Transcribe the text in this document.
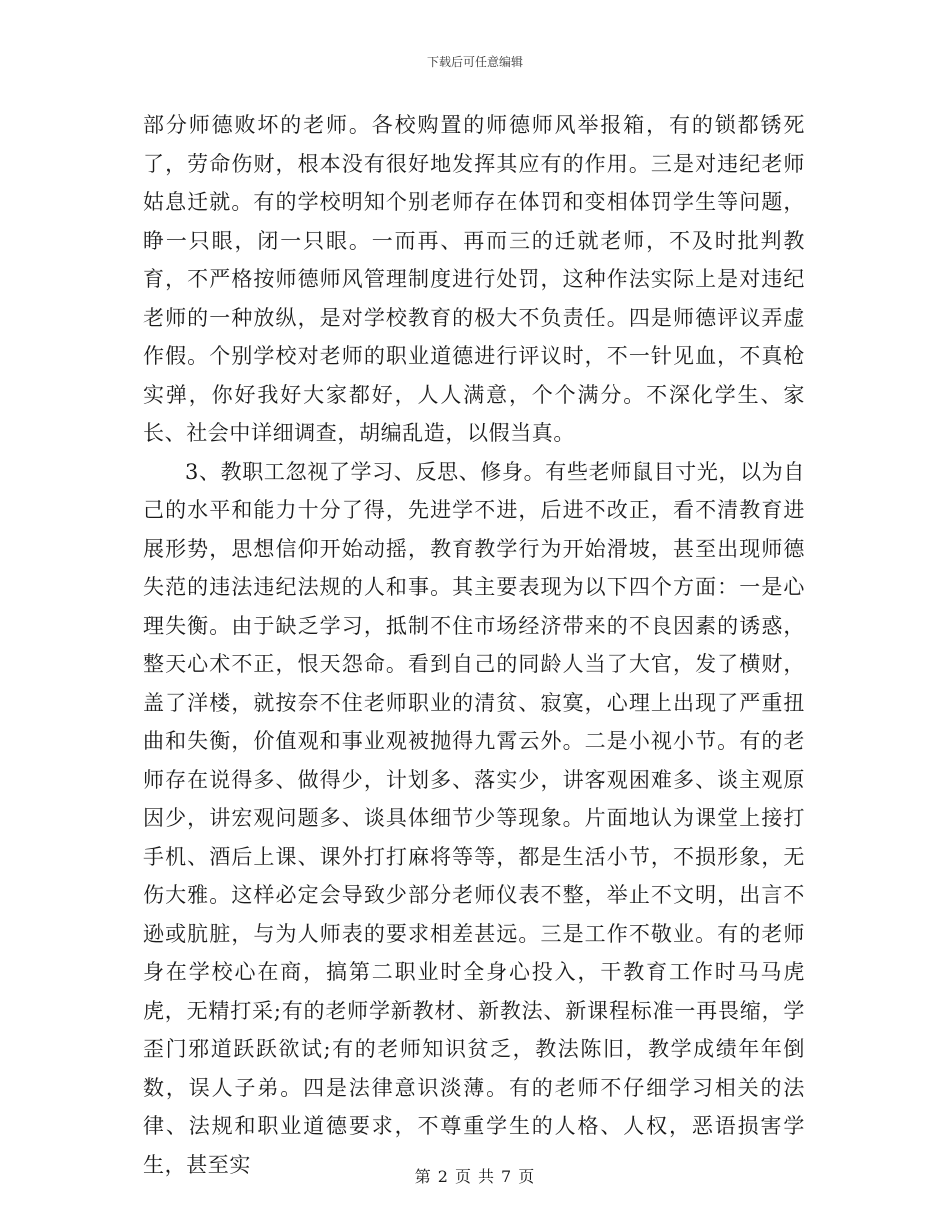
下载后可任意编辑

部分师德败坏的老师。各校购置的师德师风举报箱，有的锁都锈死了，劳命伤财，根本没有很好地发挥其应有的作用。三是对违纪老师姑息迁就。有的学校明知个别老师存在体罚和变相体罚学生等问题，睁一只眼，闭一只眼。一而再、再而三的迁就老师，不及时批判教育，不严格按师德师风管理制度进行处罚，这种作法实际上是对违纪老师的一种放纵，是对学校教育的极大不负责任。四是师德评议弄虚作假。个别学校对老师的职业道德进行评议时，不一针见血，不真枪实弹，你好我好大家都好，人人满意，个个满分。不深化学生、家长、社会中详细调查，胡编乱造，以假当真。

3、教职工忽视了学习、反思、修身。有些老师鼠目寸光，以为自己的水平和能力十分了得，先进学不进，后进不改正，看不清教育进展形势，思想信仰开始动摇，教育教学行为开始滑坡，甚至出现师德失范的违法违纪法规的人和事。其主要表现为以下四个方面：一是心理失衡。由于缺乏学习，抵制不住市场经济带来的不良因素的诱惑，整天心术不正，恨天怨命。看到自己的同龄人当了大官，发了横财，盖了洋楼，就按奈不住老师职业的清贫、寂寞，心理上出现了严重扭曲和失衡，价值观和事业观被抛得九霄云外。二是小视小节。有的老师存在说得多、做得少，计划多、落实少，讲客观困难多、谈主观原因少，讲宏观问题多、谈具体细节少等现象。片面地认为课堂上接打手机、酒后上课、课外打打麻将等等，都是生活小节，不损形象，无伤大雅。这样必定会导致少部分老师仪表不整，举止不文明，出言不逊或肮脏，与为人师表的要求相差甚远。三是工作不敬业。有的老师身在学校心在商，搞第二职业时全身心投入，干教育工作时马马虎虎，无精打采;有的老师学新教材、新教法、新课程标准一再畏缩，学歪门邪道跃跃欲试;有的老师知识贫乏，教法陈旧，教学成绩年年倒数，误人子弟。四是法律意识淡薄。有的老师不仔细学习相关的法律、法规和职业道德要求，不尊重学生的人格、人权，恶语损害学生，甚至实	第 2 页 共 7 页
